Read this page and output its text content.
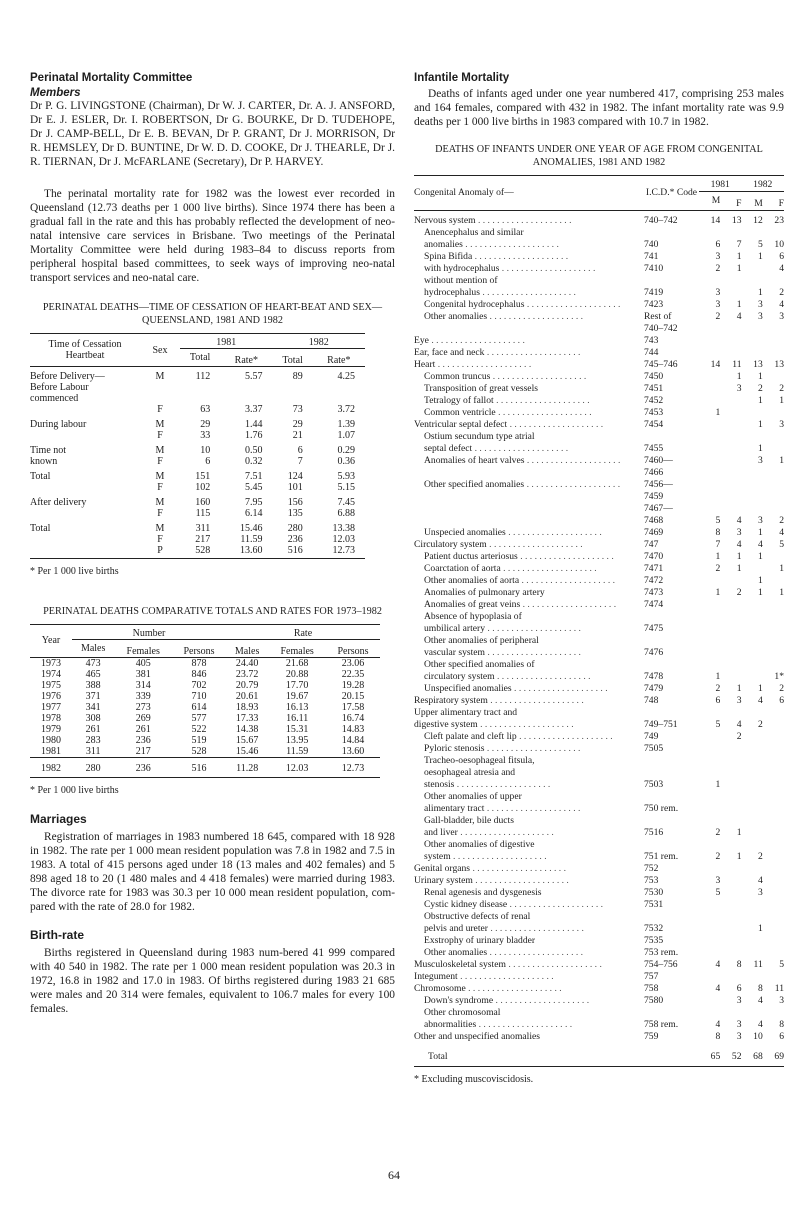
Perinatal Mortality Committee
Members

Dr P. G. LIVINGSTONE (Chairman), Dr W. J. CARTER, Dr. A. J. ANSFORD, Dr E. J. ESLER, Dr. I. ROBERTSON, Dr G. BOURKE, Dr D. TUDEHOPE, Dr J. CAMP-BELL, Dr E. B. BEVAN, Dr P. GRANT, Dr J. MORRISON, Dr R. HEMSLEY, Dr D. BUNTINE, Dr W. D. D. COOKE, Dr J. THEARLE, Dr J. R. TIERNAN, Dr J. McFARLANE (Secretary), Dr P. HARVEY.

The perinatal mortality rate for 1982 was the lowest ever recorded in Queensland (12.73 deaths per 1 000 live births). Since 1974 there has been a gradual fall in the rate and this has probably reflected the development of neo-natal intensive care services in Brisbane. Two meetings of the Perinatal Mortality Committee were held during 1983–84 to discuss reports from peripheral hospital based committees, to seek ways of improving neo-natal transport services and neo-natal care.

PERINATAL DEATHS—TIME OF CESSATION OF HEART-BEAT AND SEX—QUEENSLAND, 1981 AND 1982

Time of Cessation Heartbeat	Sex	1981		1982	
		Total	Rate*	Total	Rate*
Before Delivery—	M	112	5.57	89	4.25
Before Labour					
commenced					
	F	63	3.37	73	3.72
During labour	M	29	1.44	29	1.39
	F	33	1.76	21	1.07
Time not	M	10	0.50	6	0.29
known	F	6	0.32	7	0.36
Total	M	151	7.51	124	5.93
	F	102	5.45	101	5.15
After delivery	M	160	7.95	156	7.45
	F	115	6.14	135	6.88
Total	M	311	15.46	280	13.38
	F	217	11.59	236	12.03
	P	528	13.60	516	12.73

* Per 1 000 live births

PERINATAL DEATHS COMPARATIVE TOTALS AND RATES FOR 1973–1982

Year	Number			Rate		
	Males	Females	Persons	Males	Females	Persons
1973	473	405	878	24.40	21.68	23.06
1974	465	381	846	23.72	20.88	22.35
1975	388	314	702	20.79	17.70	19.28
1976	371	339	710	20.61	19.67	20.15
1977	341	273	614	18.93	16.13	17.58
1978	308	269	577	17.33	16.11	16.74
1979	261	261	522	14.38	15.31	14.83
1980	283	236	519	15.67	13.95	14.84
1981	311	217	528	15.46	11.59	13.60
1982	280	236	516	11.28	12.03	12.73

* Per 1 000 live births

Marriages

Registration of marriages in 1983 numbered 18 645, compared with 18 928 in 1982. The rate per 1 000 mean resident population was 7.8 in 1982 and 7.5 in 1983. A total of 415 persons aged under 18 (13 males and 402 females) and 5 898 aged 18 to 20 (1 480 males and 4 418 females) were married during 1983. The divorce rate for 1983 was 30.3 per 10 000 mean resident population, com-pared with the rate of 28.0 for 1982.

Birth-rate

Births registered in Queensland during 1983 num-bered 41 999 compared with 40 540 in 1982. The rate per 1 000 mean resident population was 20.3 in 1972, 16.8 in 1982 and 17.0 in 1983. Of births registered during 1983 21 685 were males and 20 314 were females, equivalent to 106.7 males for every 100 females.

Infantile Mortality

Deaths of infants aged under one year numbered 417, comprising 253 males and 164 females, compared with 432 in 1982. The infant mortality rate was 9.9 deaths per 1 000 live births in 1983 compared with 10.7 in 1982.

DEATHS OF INFANTS UNDER ONE YEAR OF AGE FROM CONGENITAL ANOMALIES, 1981 AND 1982

Congenital Anomaly of—	I.C.D.* Code	1981		1982	
		M	F	M	F
Nervous system . . . . . . . . . . . . . . . . . . . .	740–742	14	13	12	23
Anencephalus and similar					
anomalies . . . . . . . . . . . . . . . . . . . .	740	6	7	5	10
Spina Bifida . . . . . . . . . . . . . . . . . . . .	741	3	1	1	6
with hydrocephalus . . . . . . . . . . . . . . . . . . . .	7410	2	1		4
without mention of					
hydrocephalus . . . . . . . . . . . . . . . . . . . .	7419	3		1	2
Congenital hydrocephalus . . . . . . . . . . . . . . . . . . . .	7423	3	1	3	4
Other anomalies . . . . . . . . . . . . . . . . . . . .	Rest of	2	4	3	3
	740–742				
Eye . . . . . . . . . . . . . . . . . . . .	743				
Ear, face and neck . . . . . . . . . . . . . . . . . . . .	744				
Heart . . . . . . . . . . . . . . . . . . . .	745–746	14	11	13	13
Common truncus . . . . . . . . . . . . . . . . . . . .	7450		1	1	
Transposition of great vessels	7451		3	2	2
Tetralogy of fallot . . . . . . . . . . . . . . . . . . . .	7452			1	1
Common ventricle . . . . . . . . . . . . . . . . . . . .	7453	1			
Ventricular septal defect . . . . . . . . . . . . . . . . . . . .	7454			1	3
Ostium secundum type atrial					
septal defect . . . . . . . . . . . . . . . . . . . .	7455			1	
Anomalies of heart valves . . . . . . . . . . . . . . . . . . . .	7460—			3	1
	7466				
Other specified anomalies . . . . . . . . . . . . . . . . . . . .	7456—				
	7459				
	7467—				
	7468	5	4	3	2
Unspecied anomalies . . . . . . . . . . . . . . . . . . . .	7469	8	3	1	4
Circulatory system . . . . . . . . . . . . . . . . . . . .	747	7	4	4	5
Patient ductus arteriosus . . . . . . . . . . . . . . . . . . . .	7470	1	1	1	
Coarctation of aorta . . . . . . . . . . . . . . . . . . . .	7471	2	1		1
Other anomalies of aorta . . . . . . . . . . . . . . . . . . . .	7472			1	
Anomalies of pulmonary artery	7473	1	2	1	1
Anomalies of great veins . . . . . . . . . . . . . . . . . . . .	7474				
Absence of hypoplasia of					
umbilical artery . . . . . . . . . . . . . . . . . . . .	7475				
Other anomalies of peripheral					
vascular system . . . . . . . . . . . . . . . . . . . .	7476				
Other specified anomalies of					
circulatory system . . . . . . . . . . . . . . . . . . . .	7478	1			1*
Unspecified anomalies . . . . . . . . . . . . . . . . . . . .	7479	2	1	1	2
Respiratory system . . . . . . . . . . . . . . . . . . . .	748	6	3	4	6
Upper alimentary tract and					
digestive system . . . . . . . . . . . . . . . . . . . .	749–751	5	4	2	
Cleft palate and cleft lip . . . . . . . . . . . . . . . . . . . .	749		2		
Pyloric stenosis . . . . . . . . . . . . . . . . . . . .	7505				
Tracheo-oesophageal fitsula,					
oesophageal atresia and					
stenosis . . . . . . . . . . . . . . . . . . . .	7503	1			
Other anomalies of upper					
alimentary tract . . . . . . . . . . . . . . . . . . . .	750 rem.				
Gall-bladder, bile ducts					
and liver . . . . . . . . . . . . . . . . . . . .	7516	2	1		
Other anomalies of digestive					
system . . . . . . . . . . . . . . . . . . . .	751 rem.	2	1	2	
Genital organs . . . . . . . . . . . . . . . . . . . .	752				
Urinary system . . . . . . . . . . . . . . . . . . . .	753	3		4	
Renal agenesis and dysgenesis	7530	5		3	
Cystic kidney disease . . . . . . . . . . . . . . . . . . . .	7531				
Obstructive defects of renal					
pelvis and ureter . . . . . . . . . . . . . . . . . . . .	7532			1	
Exstrophy of urinary bladder	7535				
Other anomalies . . . . . . . . . . . . . . . . . . . .	753 rem.				
Musculoskeletal system . . . . . . . . . . . . . . . . . . . .	754–756	4	8	11	5
Integument . . . . . . . . . . . . . . . . . . . .	757				
Chromosome . . . . . . . . . . . . . . . . . . . .	758	4	6	8	11
Down's syndrome . . . . . . . . . . . . . . . . . . . .	7580		3	4	3
Other chromosomal					
abnormalities . . . . . . . . . . . . . . . . . . . .	758 rem.	4	3	4	8
Other and unspecified anomalies	759	8	3	10	6
Total		65	52	68	69

* Excluding muscoviscidosis.

64
